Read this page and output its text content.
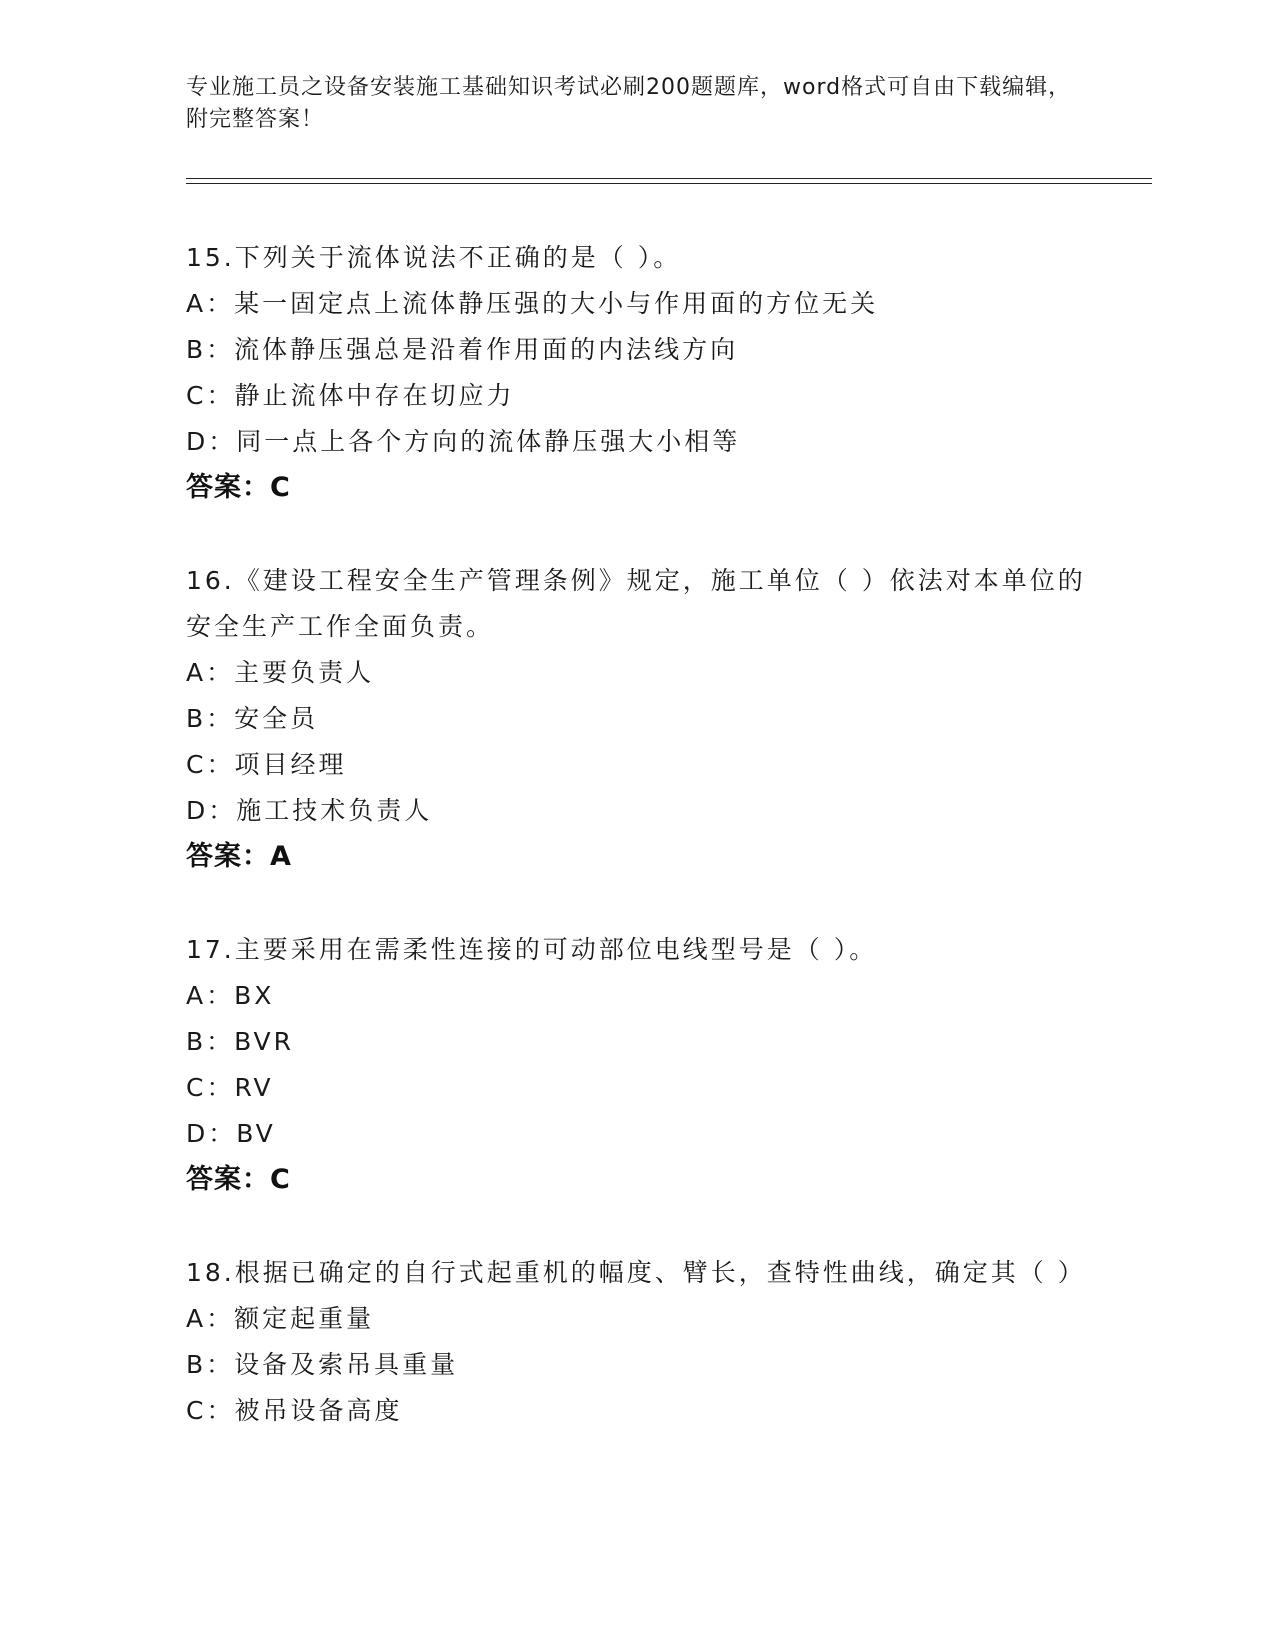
专业施工员之设备安装施工基础知识考试必刷200题题库，word格式可自由下载编辑，附完整答案！
15.下列关于流体说法不正确的是（ ）。
A：某一固定点上流体静压强的大小与作用面的方位无关
B：流体静压强总是沿着作用面的内法线方向
C：静止流体中存在切应力
D：同一点上各个方向的流体静压强大小相等
答案：C
16.《建设工程安全生产管理条例》规定，施工单位（ ）依法对本单位的安全生产工作全面负责。
A：主要负责人
B：安全员
C：项目经理
D：施工技术负责人
答案：A
17.主要采用在需柔性连接的可动部位电线型号是（ ）。
A：BX
B：BVR
C：RV
D：BV
答案：C
18.根据已确定的自行式起重机的幅度、臂长，查特性曲线，确定其（ ）
A：额定起重量
B：设备及索吊具重量
C：被吊设备高度
